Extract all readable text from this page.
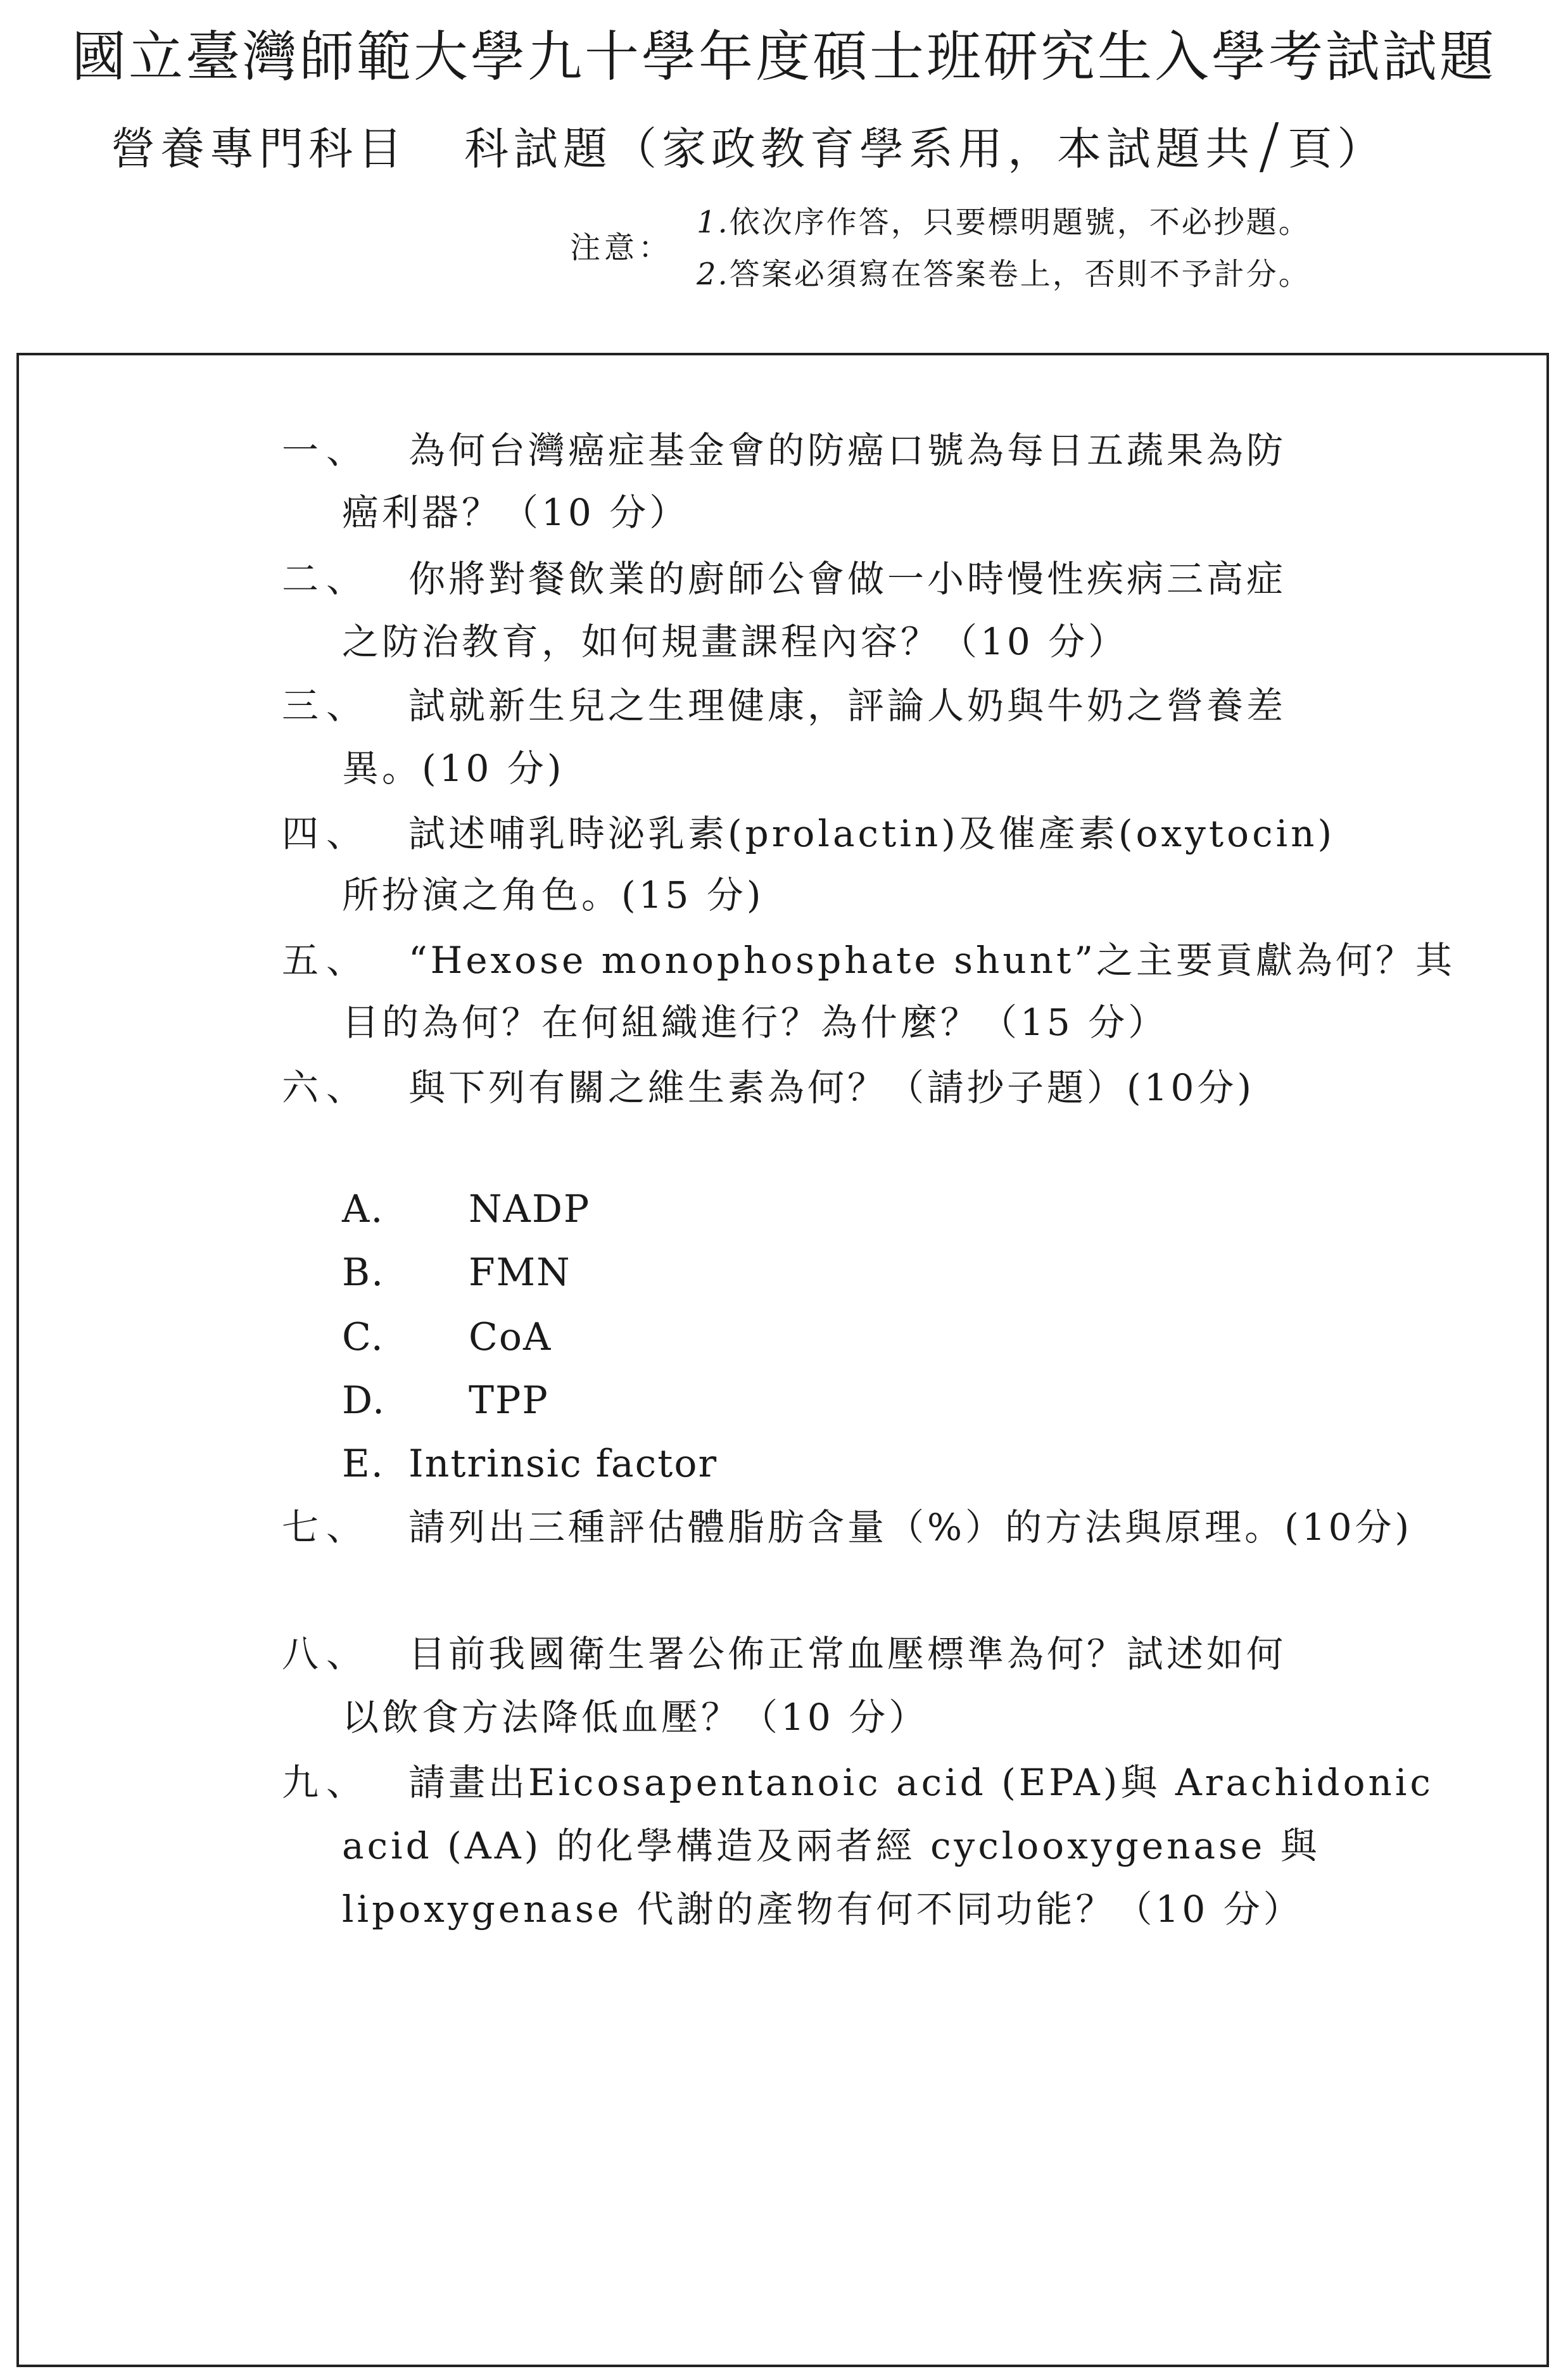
國立臺灣師範大學九十學年度碩士班研究生入學考試試題
營養專門科目 科試題（家政教育學系用，本試題共/頁）
注意：
1.依次序作答，只要標明題號，不必抄題。
2.答案必須寫在答案卷上，否則不予計分。
一、 為何台灣癌症基金會的防癌口號為每日五蔬果為防
癌利器？（10 分）
二、 你將對餐飲業的廚師公會做一小時慢性疾病三高症
之防治教育，如何規畫課程內容？（10 分）
三、 試就新生兒之生理健康，評論人奶與牛奶之營養差
異。(10 分)
四、 試述哺乳時泌乳素(prolactin)及催產素(oxytocin)
所扮演之角色。(15 分)
五、 “Hexose monophosphate shunt”之主要貢獻為何？其
目的為何？在何組織進行？為什麼？（15 分）
六、 與下列有關之維生素為何？（請抄子題）(10分)
A. NADP
B. FMN
C. CoA
D. TPP
E. Intrinsic factor
七、 請列出三種評估體脂肪含量（%）的方法與原理。(10分)
八、 目前我國衛生署公佈正常血壓標準為何？試述如何
以飲食方法降低血壓？（10 分）
九、 請畫出Eicosapentanoic acid (EPA)與 Arachidonic
acid (AA) 的化學構造及兩者經 cyclooxygenase 與
lipoxygenase 代謝的產物有何不同功能？（10 分）
